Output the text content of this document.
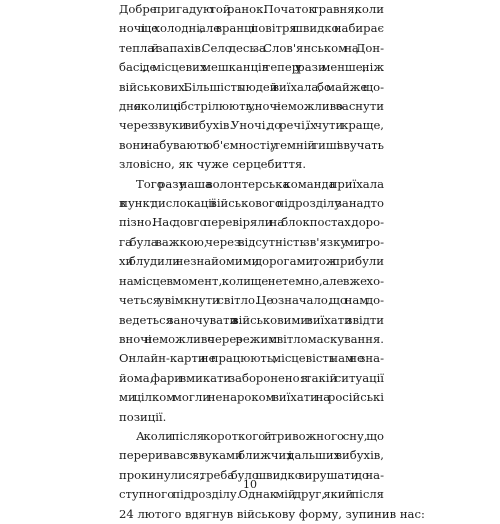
Добре пригадую той ранок. Початок травня, коли
ночі ще холодні, але вранці повітря швидко набирає
тепла й запахів. Село десь за Слов'янськом на Дон-
басі, де місцевих мешканців тепер у рази менше, ніж
військових. Більшість людей виїхала, бо майже що-
дня околиці обстрілюють, уночі неможливо заснути
через звуки вибухів. Уночі, до речі, їх чути краще,
вони набувають об'ємності, у темній тиші звучать
зловісно, як чуже серцебиття.

Того разу наша волонтерська команда приїхала
в пункт дислокації військового підрозділу занадто
пізно. Нас довго перевіряли на блокпостах, доро-
га була важкою, через відсутність зв'язку ми тро-
хи блудили незнайомими дорогами, тож прибули
на місце в момент, коли ще не темно, але вже хо-
четься увімкнути світло. Це означало, що нам до-
ведеться заночувати з військовими: виїхати звідти
вночі неможливо через режим світломаскування.
Онлайн-карти не працюють, місцевість нам не зна-
йома, фари вмикати заборонено: в такій ситуації
ми цілком могли ненароком виїхати на російські
позиції.

А коли після короткого й тривожного сну, що
переривався звуками ближчих і дальших вибухів,
прокинулися, треба було швидко вирушати до на-
ступного підрозділу. Однак мій друг, який після
24 лютого вдягнув військову форму, зупинив нас:

10
